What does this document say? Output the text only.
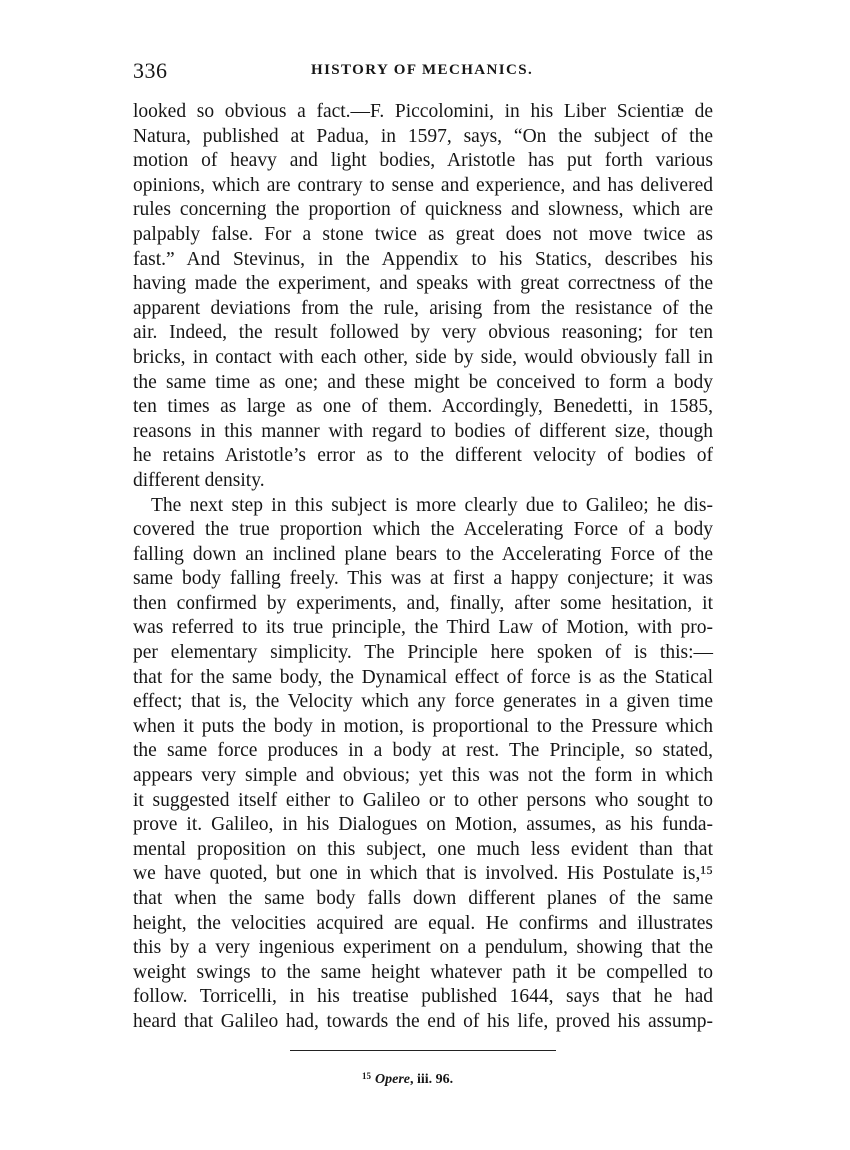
336	HISTORY OF MECHANICS.
looked so obvious a fact.—F. Piccolomini, in his Liber Scientiæ de
Natura, published at Padua, in 1597, says, “On the subject of the
motion of heavy and light bodies, Aristotle has put forth various
opinions, which are contrary to sense and experience, and has delivered
rules concerning the proportion of quickness and slowness, which are
palpably false. For a stone twice as great does not move twice as
fast.” And Stevinus, in the Appendix to his Statics, describes his
having made the experiment, and speaks with great correctness of the
apparent deviations from the rule, arising from the resistance of the
air. Indeed, the result followed by very obvious reasoning; for ten
bricks, in contact with each other, side by side, would obviously fall in
the same time as one; and these might be conceived to form a body
ten times as large as one of them. Accordingly, Benedetti, in 1585,
reasons in this manner with regard to bodies of different size, though
he retains Aristotle’s error as to the different velocity of bodies of
different density.
The next step in this subject is more clearly due to Galileo; he dis-
covered the true proportion which the Accelerating Force of a body
falling down an inclined plane bears to the Accelerating Force of the
same body falling freely. This was at first a happy conjecture; it was
then confirmed by experiments, and, finally, after some hesitation, it
was referred to its true principle, the Third Law of Motion, with pro-
per elementary simplicity. The Principle here spoken of is this:—
that for the same body, the Dynamical effect of force is as the Statical
effect; that is, the Velocity which any force generates in a given time
when it puts the body in motion, is proportional to the Pressure which
the same force produces in a body at rest. The Principle, so stated,
appears very simple and obvious; yet this was not the form in which
it suggested itself either to Galileo or to other persons who sought to
prove it. Galileo, in his Dialogues on Motion, assumes, as his funda-
mental proposition on this subject, one much less evident than that
we have quoted, but one in which that is involved. His Postulate is,¹⁵
that when the same body falls down different planes of the same
height, the velocities acquired are equal. He confirms and illustrates
this by a very ingenious experiment on a pendulum, showing that the
weight swings to the same height whatever path it be compelled to
follow. Torricelli, in his treatise published 1644, says that he had
heard that Galileo had, towards the end of his life, proved his assump-
$^{15}$ Opere, iii. 96.
